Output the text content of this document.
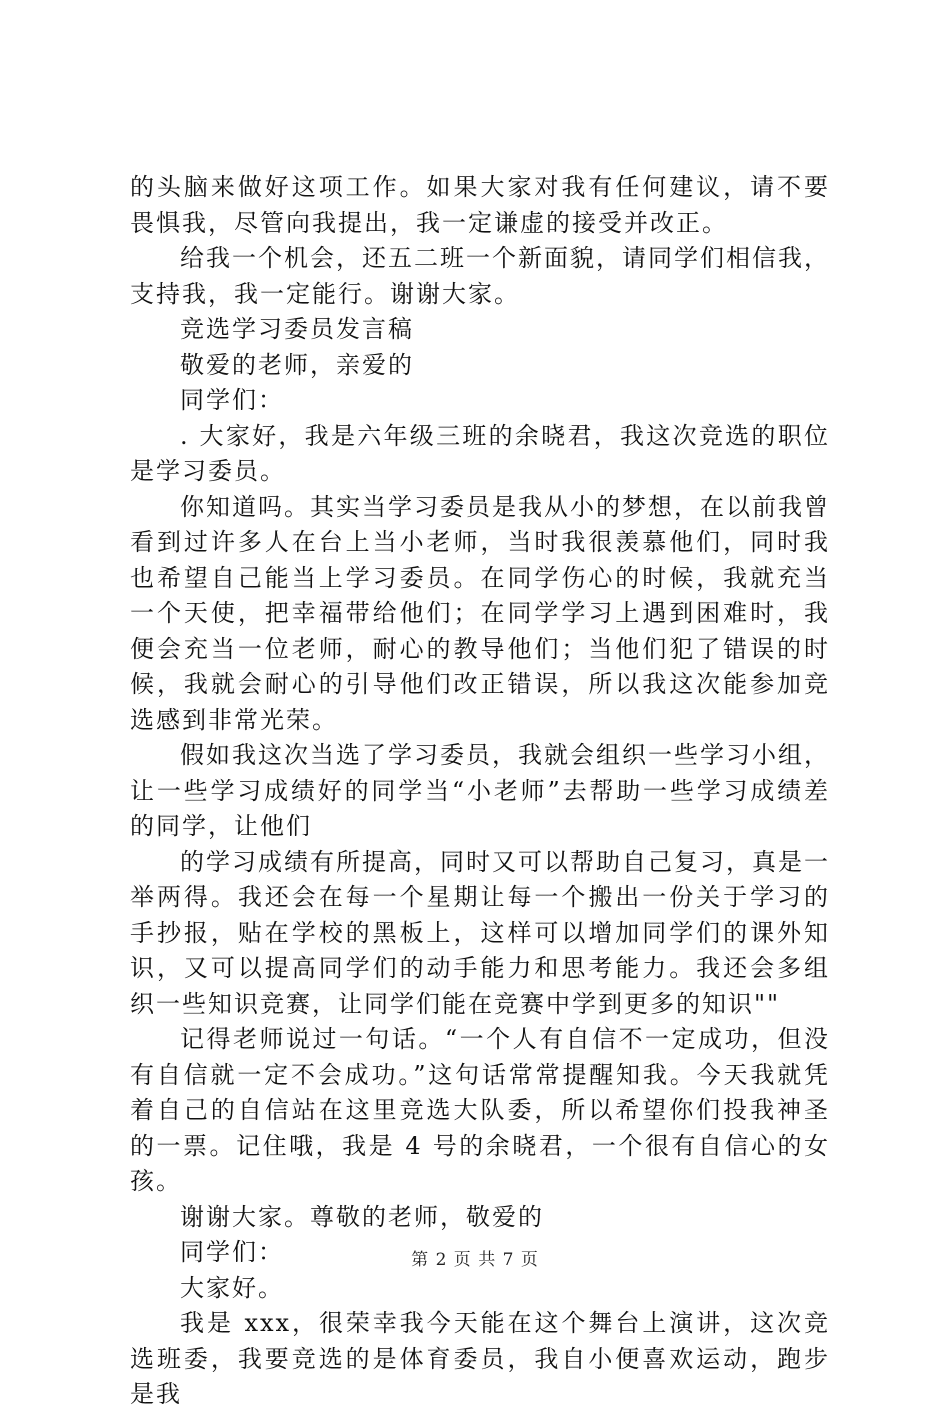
的头脑来做好这项工作。如果大家对我有任何建议，请不要畏惧我，尽管向我提出，我一定谦虚的接受并改正。

给我一个机会，还五二班一个新面貌，请同学们相信我，支持我，我一定能行。谢谢大家。

竞选学习委员发言稿

敬爱的老师，亲爱的

同学们：

. 大家好，我是六年级三班的余晓君，我这次竞选的职位是学习委员。

你知道吗。其实当学习委员是我从小的梦想，在以前我曾看到过许多人在台上当小老师，当时我很羡慕他们，同时我也希望自己能当上学习委员。在同学伤心的时候，我就充当一个天使，把幸福带给他们；在同学学习上遇到困难时，我便会充当一位老师，耐心的教导他们；当他们犯了错误的时候，我就会耐心的引导他们改正错误，所以我这次能参加竞选感到非常光荣。

假如我这次当选了学习委员，我就会组织一些学习小组，让一些学习成绩好的同学当“小老师”去帮助一些学习成绩差的同学，让他们

的学习成绩有所提高，同时又可以帮助自己复习，真是一举两得。我还会在每一个星期让每一个搬出一份关于学习的手抄报，贴在学校的黑板上，这样可以增加同学们的课外知识，又可以提高同学们的动手能力和思考能力。我还会多组织一些知识竞赛，让同学们能在竞赛中学到更多的知识""

记得老师说过一句话。“一个人有自信不一定成功，但没有自信就一定不会成功。”这句话常常提醒知我。今天我就凭着自己的自信站在这里竞选大队委，所以希望你们投我神圣的一票。记住哦，我是 4 号的余晓君，一个很有自信心的女孩。

谢谢大家。尊敬的老师，敬爱的

同学们：

大家好。

我是 xxx，很荣幸我今天能在这个舞台上演讲，这次竞选班委，我要竞选的是体育委员，我自小便喜欢运动，跑步是我

第 2 页 共 7 页
